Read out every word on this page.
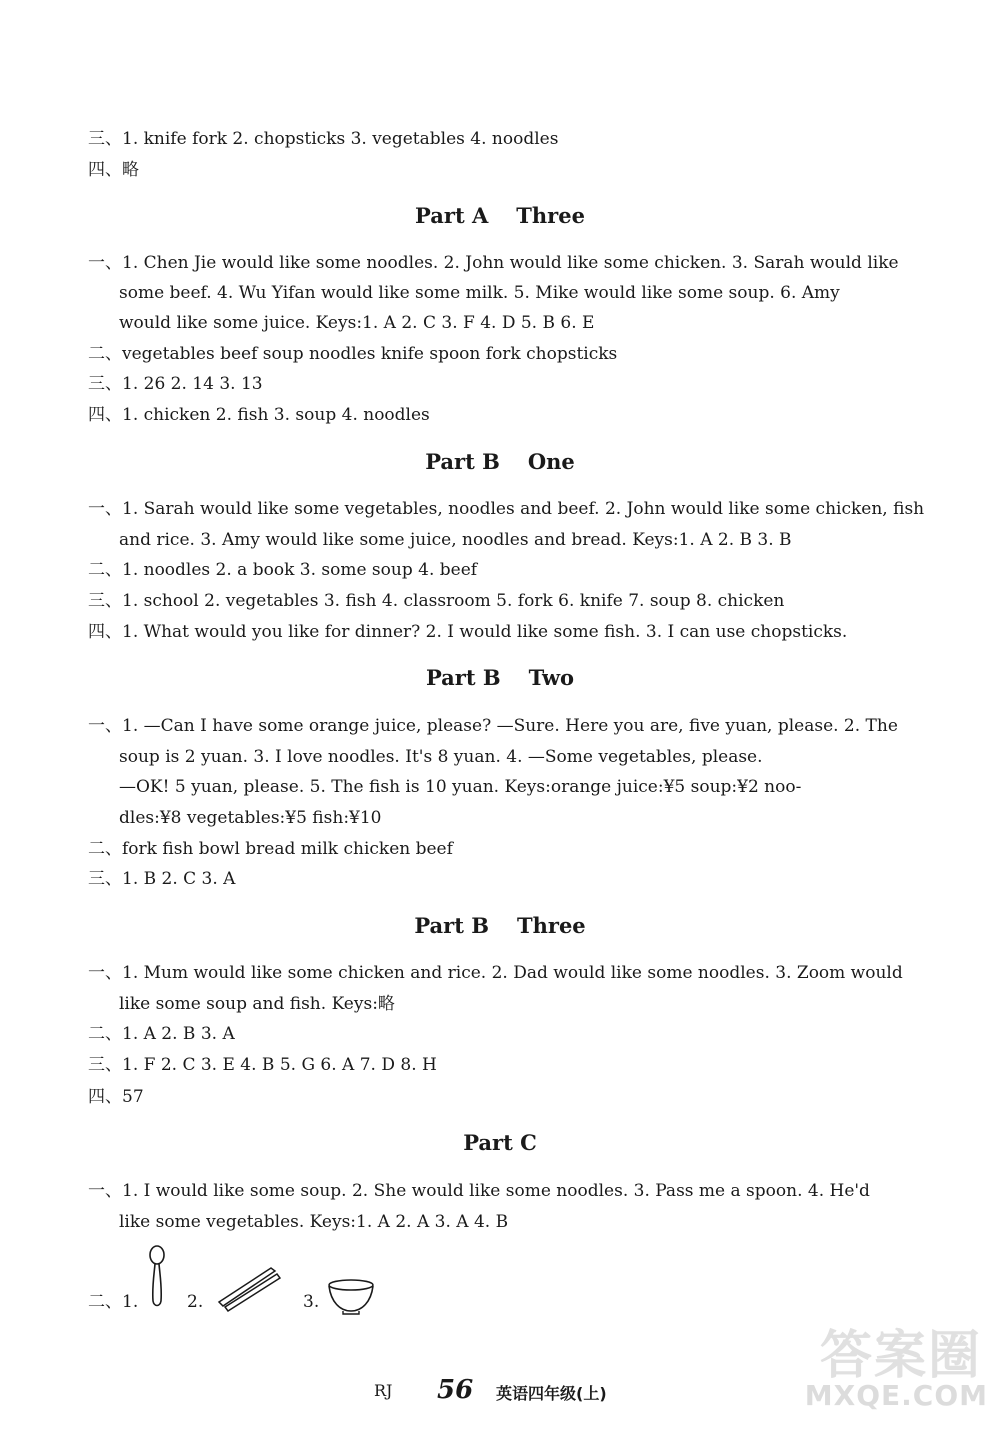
三、1. knife fork 2. chopsticks 3. vegetables 4. noodles
四、略
Part A Three
一、1. Chen Jie would like some noodles. 2. John would like some chicken. 3. Sarah would like
some beef. 4. Wu Yifan would like some milk. 5. Mike would like some soup. 6. Amy
would like some juice. Keys:1. A 2. C 3. F 4. D 5. B 6. E
二、vegetables beef soup noodles knife spoon fork chopsticks
三、1. 26 2. 14 3. 13
四、1. chicken 2. fish 3. soup 4. noodles
Part B One
一、1. Sarah would like some vegetables, noodles and beef. 2. John would like some chicken, fish
and rice. 3. Amy would like some juice, noodles and bread. Keys:1. A 2. B 3. B
二、1. noodles 2. a book 3. some soup 4. beef
三、1. school 2. vegetables 3. fish 4. classroom 5. fork 6. knife 7. soup 8. chicken
四、1. What would you like for dinner? 2. I would like some fish. 3. I can use chopsticks.
Part B Two
一、1. —Can I have some orange juice, please? —Sure. Here you are, five yuan, please. 2. The
soup is 2 yuan. 3. I love noodles. It's 8 yuan. 4. —Some vegetables, please.
—OK! 5 yuan, please. 5. The fish is 10 yuan. Keys:orange juice:¥5 soup:¥2 noo-
dles:¥8 vegetables:¥5 fish:¥10
二、fork fish bowl bread milk chicken beef
三、1. B 2. C 3. A
Part B Three
一、1. Mum would like some chicken and rice. 2. Dad would like some noodles. 3. Zoom would
like some soup and fish. Keys:略
二、1. A 2. B 3. A
三、1. F 2. C 3. E 4. B 5. G 6. A 7. D 8. H
四、57
Part C
一、1. I would like some soup. 2. She would like some noodles. 3. Pass me a spoon. 4. He'd
like some vegetables. Keys:1. A 2. A 3. A 4. B
二、1.	2.	3.
RJ 56 英语四年级(上)
答案圈
MXQE.COM
